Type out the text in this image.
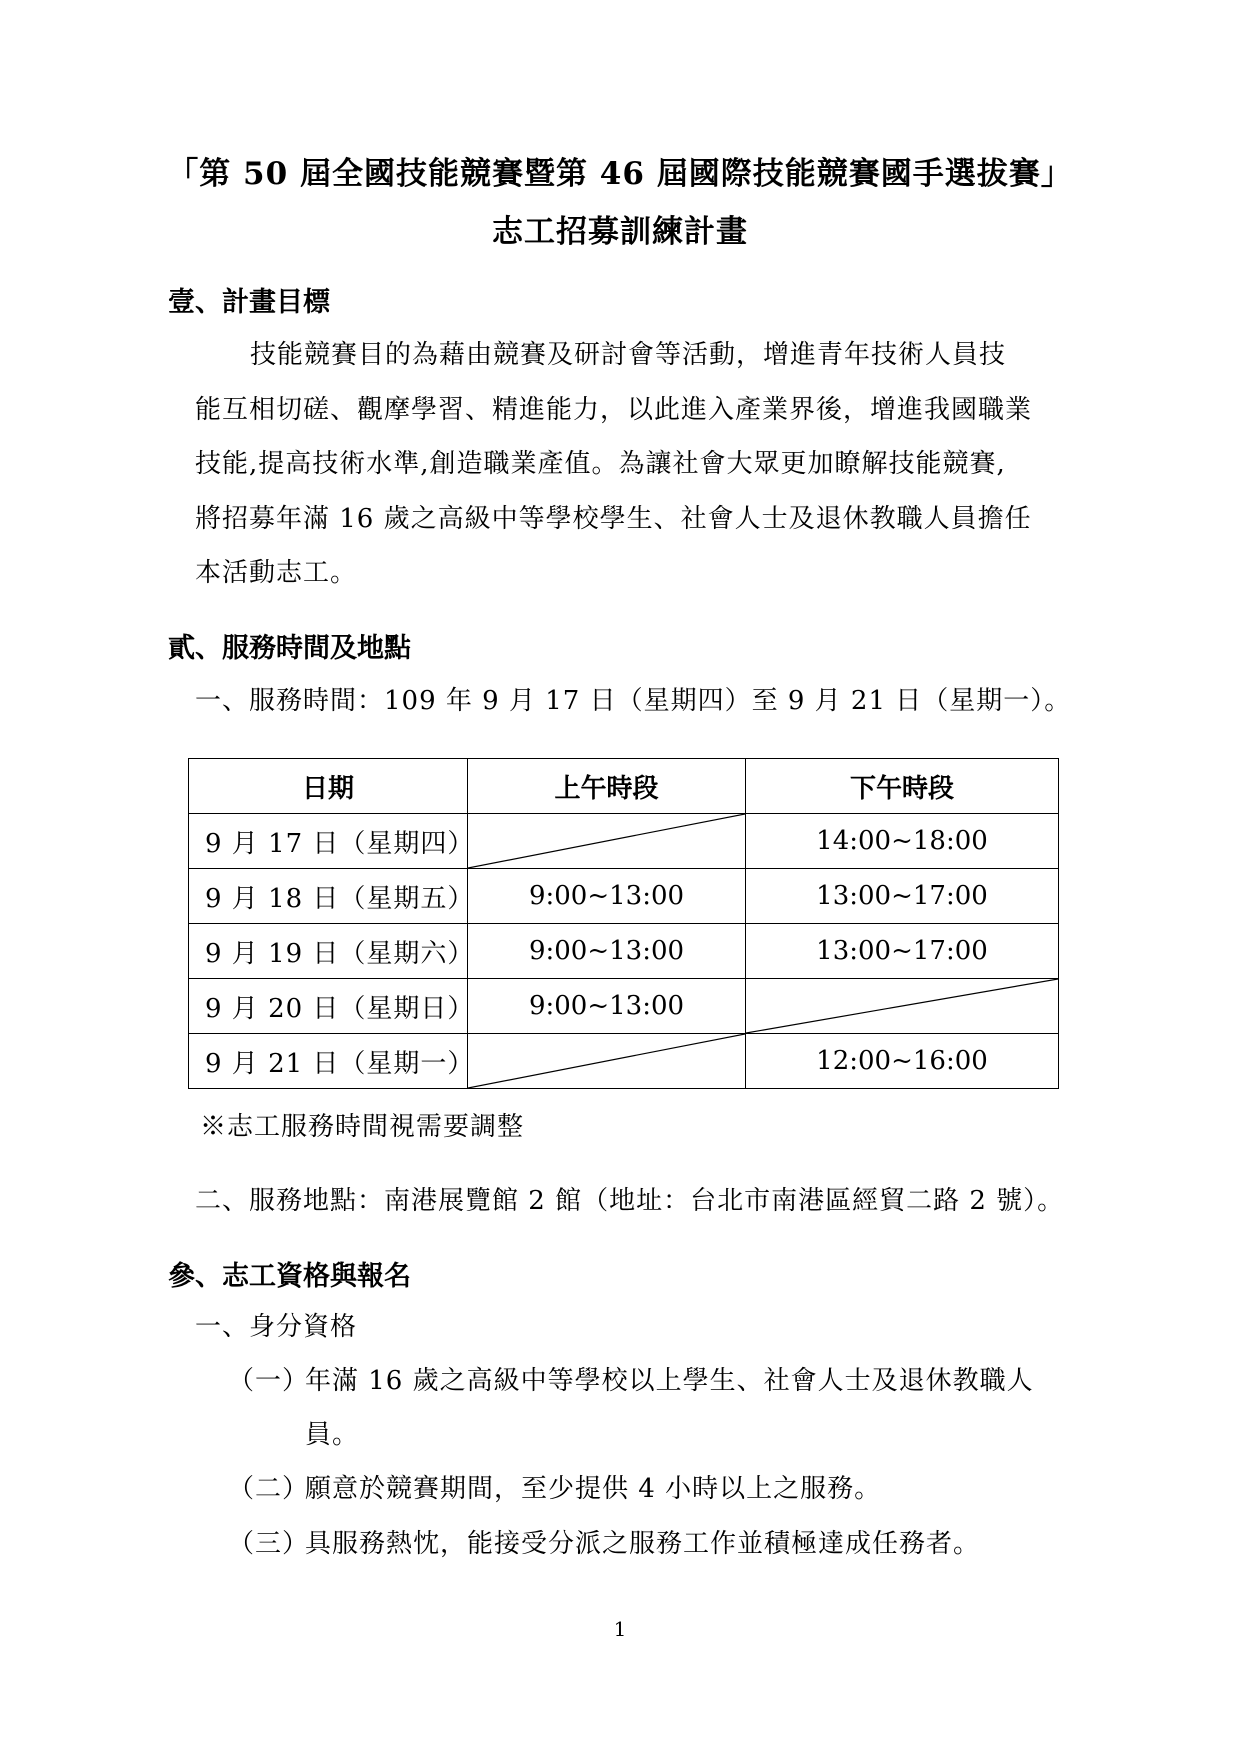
「第 50 屆全國技能競賽暨第 46 屆國際技能競賽國手選拔賽」
志工招募訓練計畫
壹、計畫目標
技能競賽目的為藉由競賽及研討會等活動，增進青年技術人員技
能互相切磋、觀摩學習、精進能力，以此進入產業界後，增進我國職業
技能,提高技術水準,創造職業產值。為讓社會大眾更加瞭解技能競賽,
將招募年滿 16 歲之高級中等學校學生、社會人士及退休教職人員擔任
本活動志工。
貳、服務時間及地點
一、服務時間：109 年 9 月 17 日（星期四）至 9 月 21 日（星期一）。
日期	上午時段	下午時段
9 月 17 日（星期四）		14:00~18:00
9 月 18 日（星期五）	9:00~13:00	13:00~17:00
9 月 19 日（星期六）	9:00~13:00	13:00~17:00
9 月 20 日（星期日）	9:00~13:00	

9 月 21 日（星期一）		12:00~16:00
※志工服務時間視需要調整
二、服務地點：南港展覽館 2 館（地址：台北市南港區經貿二路 2 號）。
參、志工資格與報名
一、身分資格
（一）
年滿 16 歲之高級中等學校以上學生、社會人士及退休教職人
員。
（二）
願意於競賽期間，至少提供 4 小時以上之服務。
（三）
具服務熱忱，能接受分派之服務工作並積極達成任務者。
1
